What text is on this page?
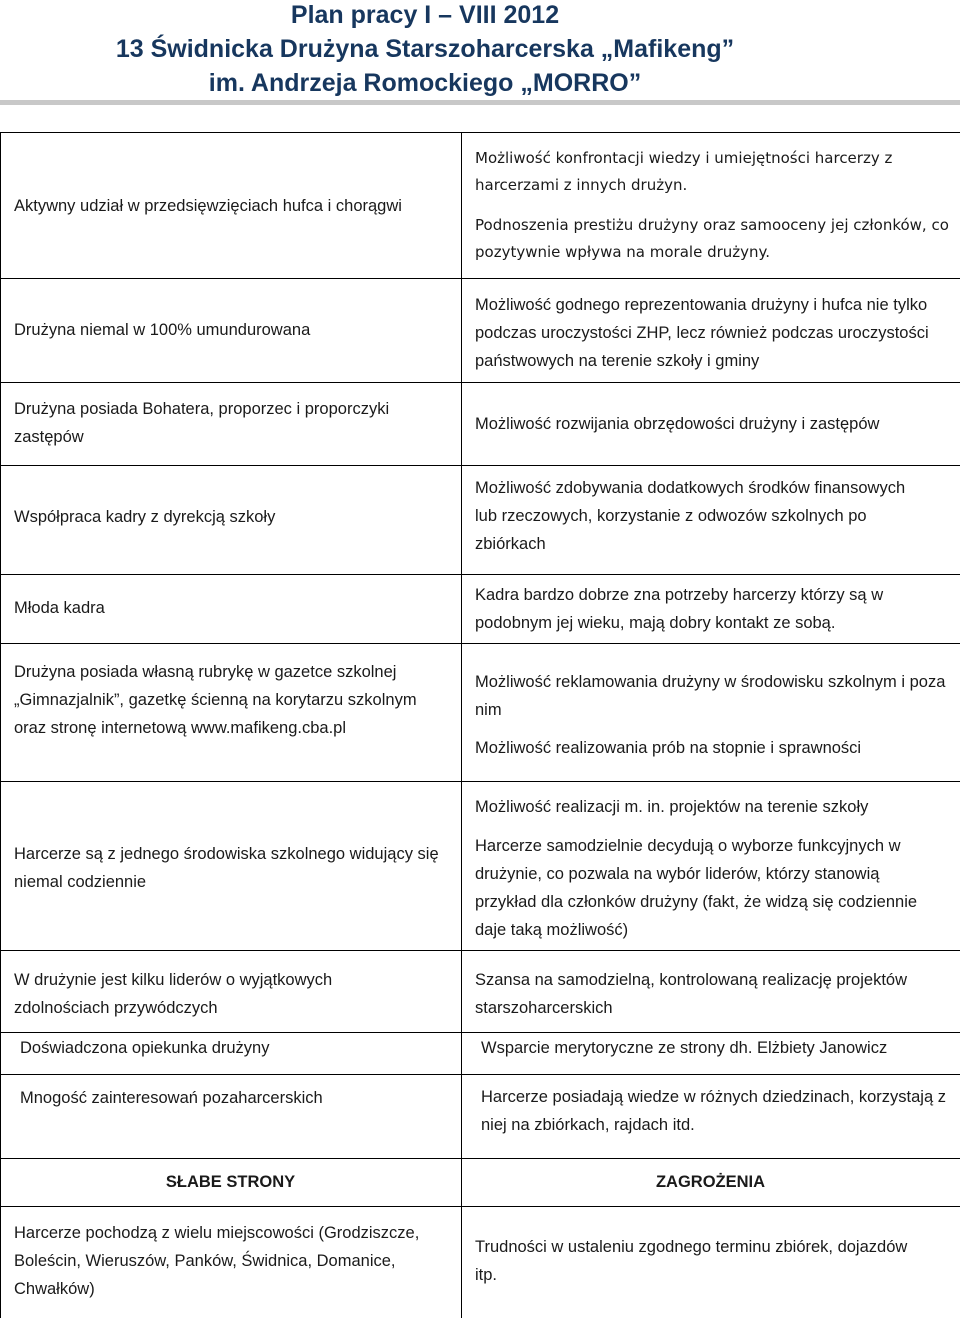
Plan pracy I – VIII 2012
13 Świdnicka Drużyna Starszoharcerska „Mafikeng”
im. Andrzeja Romockiego „MORRO”
Aktywny udział w przedsięwzięciach hufca i chorągwi
Drużyna niemal w 100% umundurowana
Drużyna posiada Bohatera, proporzec i proporczyki zastępów
Współpraca kadry z dyrekcją szkoły
Młoda kadra
Drużyna posiada własną rubrykę w gazetce szkolnej „Gimnazjalnik”, gazetkę ścienną na korytarzu szkolnym oraz stronę internetową www.mafikeng.cba.pl
Harcerze są z jednego środowiska szkolnego widujący się niemal codziennie
W drużynie jest kilku liderów o wyjątkowych zdolnościach przywódczych
Doświadczona opiekunka drużyny
Mnogość zainteresowań pozaharcerskich
Możliwość konfrontacji wiedzy i umiejętności harcerzy z harcerzami z innych drużyn.
Podnoszenia prestiżu drużyny oraz samooceny jej członków, co pozytywnie wpływa na morale drużyny.
Możliwość godnego reprezentowania drużyny i hufca nie tylko podczas uroczystości ZHP, lecz również podczas uroczystości państwowych na terenie szkoły i gminy
Możliwość rozwijania obrzędowości drużyny i zastępów
Możliwość zdobywania dodatkowych środków finansowych lub rzeczowych, korzystanie z odwozów szkolnych po zbiórkach
Kadra bardzo dobrze zna potrzeby harcerzy którzy są w podobnym jej wieku, mają dobry kontakt ze sobą.
Możliwość reklamowania drużyny w środowisku szkolnym i poza nim
Możliwość realizowania prób na stopnie i sprawności
Możliwość realizacji m. in. projektów na terenie szkoły
Harcerze samodzielnie decydują o wyborze funkcyjnych w drużynie, co pozwala na wybór liderów, którzy stanowią przykład dla członków drużyny (fakt, że widzą się codziennie daje taką możliwość)
Szansa na samodzielną, kontrolowaną realizację projektów starszoharcerskich
Wsparcie merytoryczne ze strony dh. Elżbiety Janowicz
Harcerze posiadają wiedze w różnych dziedzinach, korzystają z niej na zbiórkach, rajdach itd.
SŁABE STRONY	ZAGROŻENIA
Harcerze pochodzą z wielu miejscowości (Grodziszcze, Boleścin, Wieruszów, Panków, Świdnica, Domanice, Chwałków)
Trudności w ustaleniu zgodnego terminu zbiórek, dojazdów itp.
